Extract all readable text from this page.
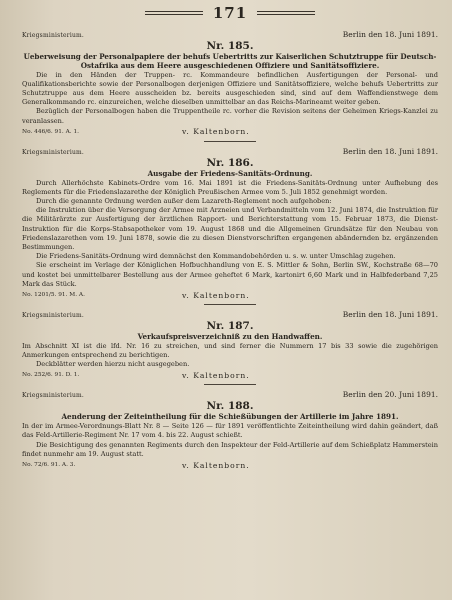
171
Kriegsministerium.	Berlin den 18. Juni 1891.
Nr. 185.
Ueberweisung der Personalpapiere der behufs Uebertritts zur Kaiserlichen Schutztruppe für Deutsch-Ostafrika aus dem Heere ausgeschiedenen Offiziere und Sanitätsoffiziere.

Die in den Händen der Truppen- rc. Kommandeure befindlichen Ausfertigungen der Personal- und Qualifikationsberichte sowie der Personalbogen derjenigen Offiziere und Sanitätsoffiziere, welche behufs Uebertritts zur Schutztruppe aus dem Heere ausscheiden bz. bereits ausgeschieden sind, sind auf dem Waffendienstwege dem Generalkommando rc. einzureichen, welche dieselben unmittelbar an das Reichs-Marineamt weiter geben.

Bezüglich der Personalbogen haben die Truppentheile rc. vorher die Revision seitens der Geheimen Kriegs-Kanzlei zu veranlassen.

No. 446/6. 91. A. 1.	v. Kaltenborn.
Kriegsministerium.	Berlin den 18. Juni 1891.
Nr. 186.
Ausgabe der Friedens-Sanitäts-Ordnung.

Durch Allerhöchste Kabinets-Ordre vom 16. Mai 1891 ist die Friedens-Sanitäts-Ordnung unter Aufhebung des Reglements für die Friedenslazarethe der Königlich Preußischen Armee vom 5. Juli 1852 genehmigt worden.

Durch die genannte Ordnung werden außer dem Lazareth-Reglement noch aufgehoben:

die Instruktion über die Versorgung der Armee mit Arzneien und Verbandmitteln vom 12. Juni 1874, die Instruktion für die Militärärzte zur Ausfertigung der ärztlichen Rapport- und Berichterstattung vom 15. Februar 1873, die Dienst-Instruktion für die Korps-Stabsapotheker vom 19. August 1868 und die Allgemeinen Grundsätze für den Neubau von Friedenslazarethen vom 19. Juni 1878, sowie die zu diesen Dienstvorschriften ergangenen abändernden bz. ergänzenden Bestimmungen.

Die Friedens-Sanitäts-Ordnung wird demnächst den Kommandobehörden u. s. w. unter Umschlag zugehen.

Sie erscheint im Verlage der Königlichen Hofbuchhandlung von E. S. Mittler & Sohn, Berlin SW., Kochstraße 68—70 und kostet bei unmittelbarer Bestellung aus der Armee geheftet 6 Mark, kartonirt 6,60 Mark und in Halbfederband 7,25 Mark das Stück.

No. 1201/5. 91. M. A.	v. Kaltenborn.
Kriegsministerium.	Berlin den 18. Juni 1891.
Nr. 187.
Verkaufspreisverzeichniß zu den Handwaffen.

Im Abschnitt XI ist die lfd. Nr. 16 zu streichen, und sind ferner die Nummern 17 bis 33 sowie die zugehörigen Anmerkungen entsprechend zu berichtigen.

Deckblätter werden hierzu nicht ausgegeben.

No. 252/6. 91. D. 1.	v. Kaltenborn.
Kriegsministerium.	Berlin den 20. Juni 1891.
Nr. 188.
Aenderung der Zeiteintheilung für die Schießübungen der Artillerie im Jahre 1891.

In der im Armee-Verordnungs-Blatt Nr. 8 — Seite 126 — für 1891 veröffentlichte Zeiteintheilung wird dahin geändert, daß das Feld-Artillerie-Regiment Nr. 17 vom 4. bis 22. August schießt.

Die Besichtigung des genannten Regiments durch den Inspekteur der Feld-Artillerie auf dem Schießplatz Hammerstein findet nunmehr am 19. August statt.

No. 72/6. 91. A. 3.	v. Kaltenborn.
